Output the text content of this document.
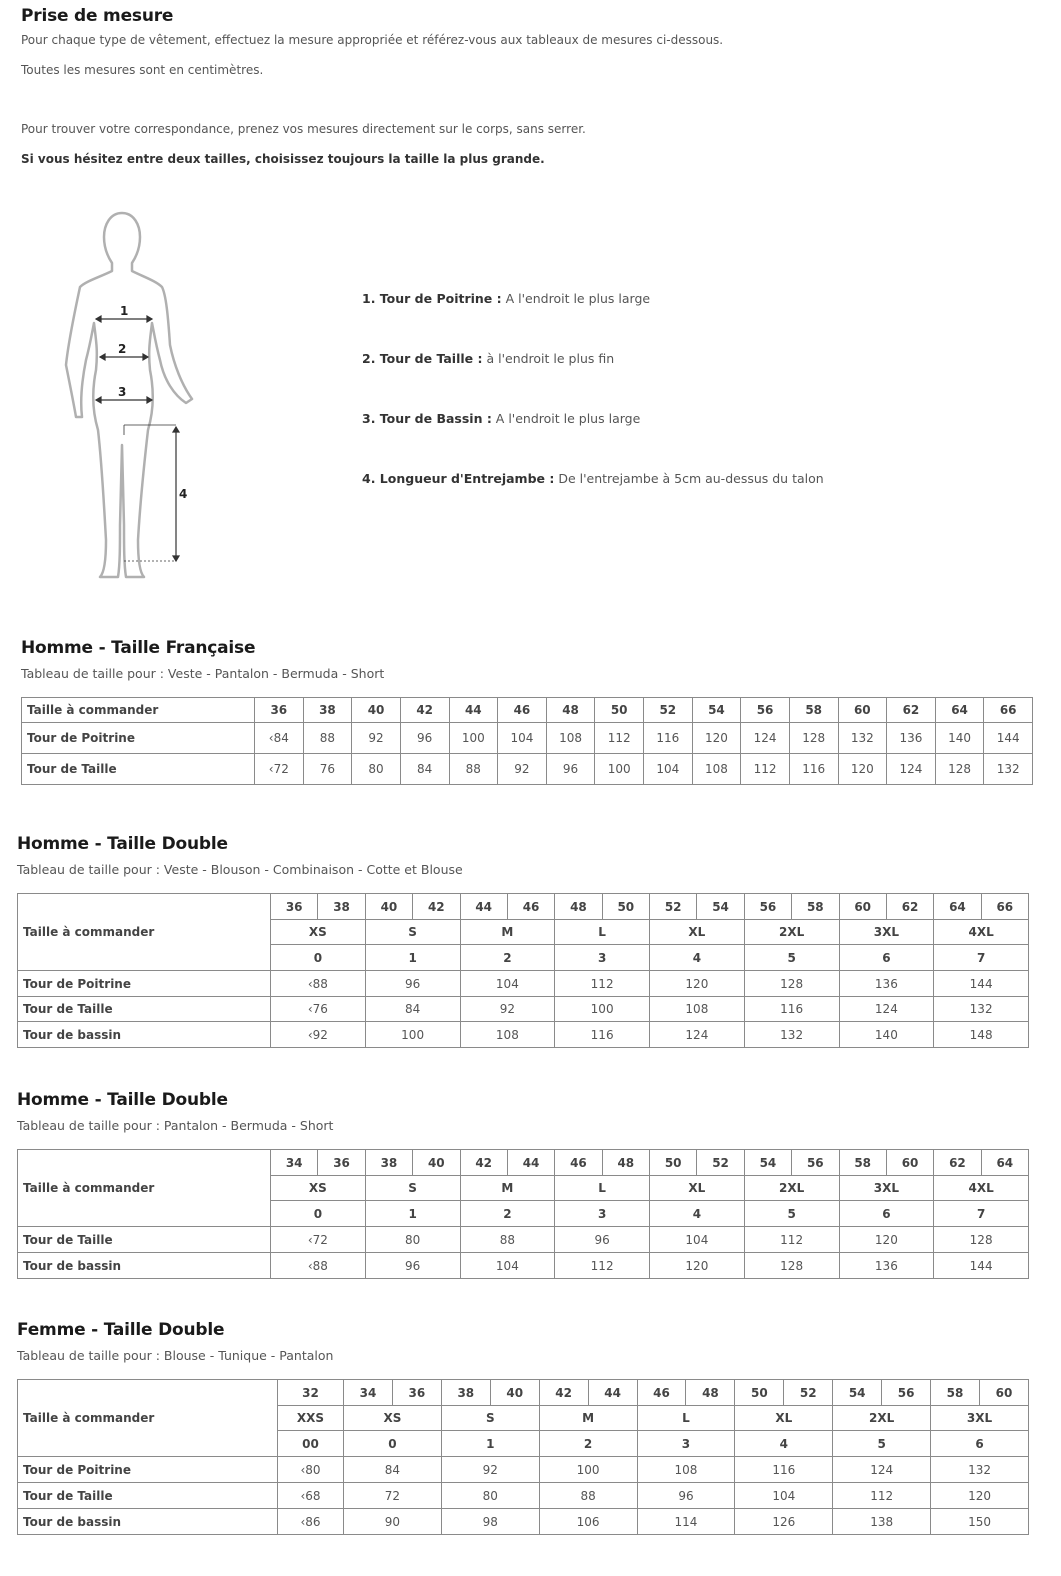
Prise de mesure
Pour chaque type de vêtement, effectuez la mesure appropriée et référez-vous aux tableaux de mesures ci-dessous.
Toutes les mesures sont en centimètres.
Pour trouver votre correspondance, prenez vos mesures directement sur le corps, sans serrer.
Si vous hésitez entre deux tailles, choisissez toujours la taille la plus grande.
1
2
3
4
1. Tour de Poitrine : A l'endroit le plus large
2. Tour de Taille : à l'endroit le plus fin
3. Tour de Bassin : A l'endroit le plus large
4. Longueur d'Entrejambe : De l'entrejambe à 5cm au-dessus du talon
Homme - Taille Française
Tableau de taille pour : Veste - Pantalon - Bermuda - Short
Taille à commander	36	38	40	42	44	46	48	50	52	54	56	58	60	62	64	66
Tour de Poitrine	‹84	88	92	96	100	104	108	112	116	120	124	128	132	136	140	144
Tour de Taille	‹72	76	80	84	88	92	96	100	104	108	112	116	120	124	128	132
Homme - Taille Double
Tableau de taille pour : Veste - Blouson - Combinaison - Cotte et Blouse
Taille à commander	36	38	40	42	44	46	48	50	52	54	56	58	60	62	64	66
	XS		S		M		L		XL		2XL		3XL		4XL	
	0		1		2		3		4		5		6		7	
Tour de Poitrine	‹88		96		104		112		120		128		136		144	
Tour de Taille	‹76		84		92		100		108		116		124		132	
Tour de bassin	‹92		100		108		116		124		132		140		148	
Homme - Taille Double
Tableau de taille pour : Pantalon - Bermuda - Short
Taille à commander	34	36	38	40	42	44	46	48	50	52	54	56	58	60	62	64
	XS		S		M		L		XL		2XL		3XL		4XL	
	0		1		2		3		4		5		6		7	
Tour de Taille	‹72		80		88		96		104		112		120		128	
Tour de bassin	‹88		96		104		112		120		128		136		144	
Femme - Taille Double
Tableau de taille pour : Blouse - Tunique - Pantalon
Taille à commander	32	34	36	38	40	42	44	46	48	50	52	54	56	58	60
	XXS	XS		S		M		L		XL		2XL		3XL	
	00	0		1		2		3		4		5		6	
Tour de Poitrine	‹80	84		92		100		108		116		124		132	
Tour de Taille	‹68	72		80		88		96		104		112		120	
Tour de bassin	‹86	90		98		106		114		126		138		150	
